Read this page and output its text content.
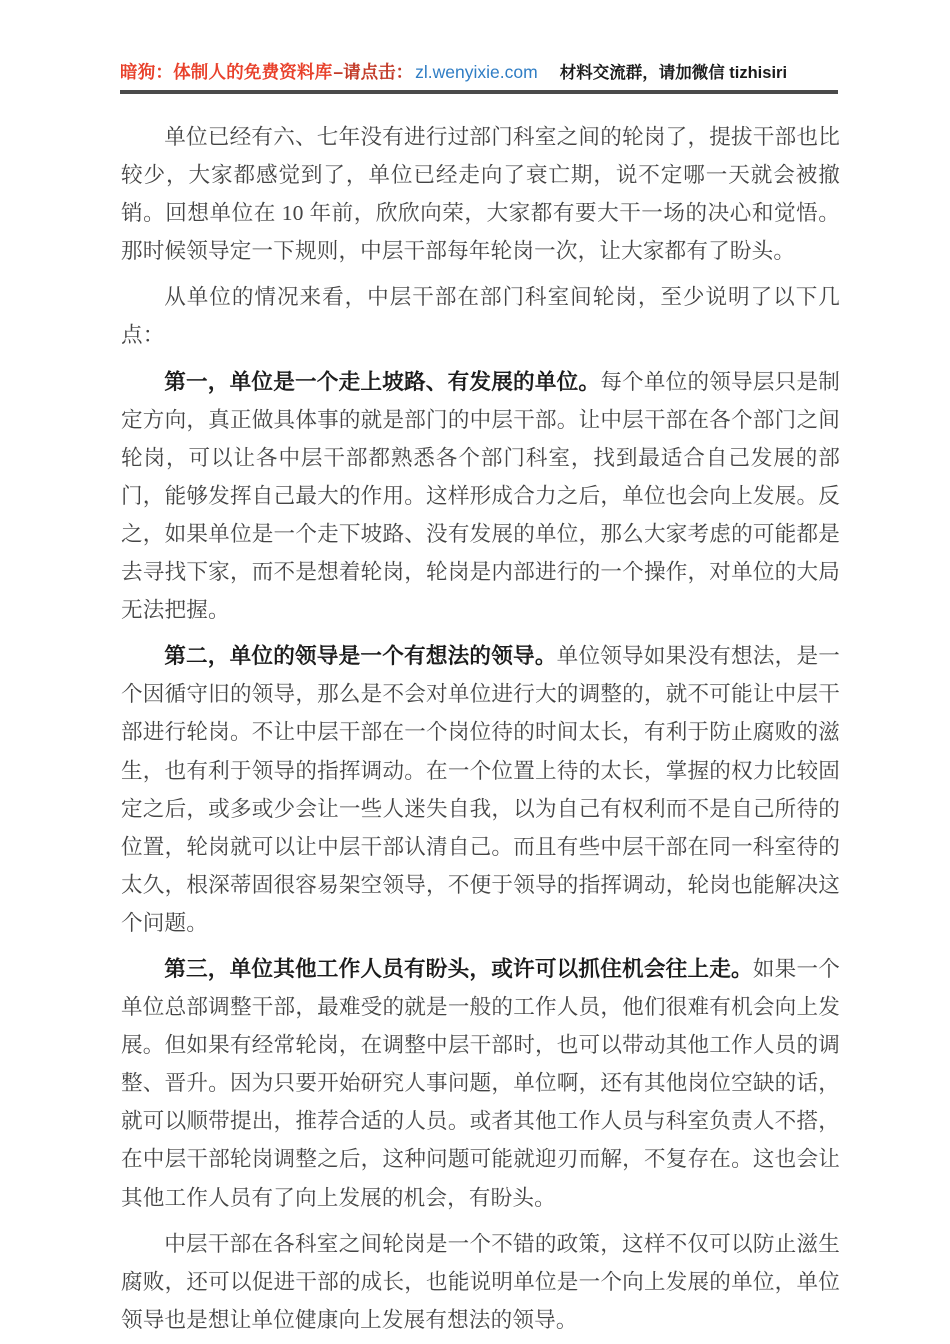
暗狗：体制人的免费资料库–请点击： zl.wenyixie.com 材料交流群，请加微信 tizhisiri

单位已经有六、七年没有进行过部门科室之间的轮岗了，提拔干部也比较少，大家都感觉到了，单位已经走向了衰亡期，说不定哪一天就会被撤销。回想单位在 10 年前，欣欣向荣，大家都有要大干一场的决心和觉悟。那时候领导定一下规则，中层干部每年轮岗一次，让大家都有了盼头。

从单位的情况来看，中层干部在部门科室间轮岗，至少说明了以下几点：

第一，单位是一个走上坡路、有发展的单位。每个单位的领导层只是制定方向，真正做具体事的就是部门的中层干部。让中层干部在各个部门之间轮岗，可以让各中层干部都熟悉各个部门科室，找到最适合自己发展的部门，能够发挥自己最大的作用。这样形成合力之后，单位也会向上发展。反之，如果单位是一个走下坡路、没有发展的单位，那么大家考虑的可能都是去寻找下家，而不是想着轮岗，轮岗是内部进行的一个操作，对单位的大局无法把握。

第二，单位的领导是一个有想法的领导。单位领导如果没有想法，是一个因循守旧的领导，那么是不会对单位进行大的调整的，就不可能让中层干部进行轮岗。不让中层干部在一个岗位待的时间太长，有利于防止腐败的滋生，也有利于领导的指挥调动。在一个位置上待的太长，掌握的权力比较固定之后，或多或少会让一些人迷失自我，以为自己有权利而不是自己所待的位置，轮岗就可以让中层干部认清自己。而且有些中层干部在同一科室待的太久，根深蒂固很容易架空领导，不便于领导的指挥调动，轮岗也能解决这个问题。

第三，单位其他工作人员有盼头，或许可以抓住机会往上走。如果一个单位总部调整干部，最难受的就是一般的工作人员，他们很难有机会向上发展。但如果有经常轮岗，在调整中层干部时，也可以带动其他工作人员的调整、晋升。因为只要开始研究人事问题，单位啊，还有其他岗位空缺的话，就可以顺带提出，推荐合适的人员。或者其他工作人员与科室负责人不搭，在中层干部轮岗调整之后，这种问题可能就迎刃而解，不复存在。这也会让其他工作人员有了向上发展的机会，有盼头。

中层干部在各科室之间轮岗是一个不错的政策，这样不仅可以防止滋生腐败，还可以促进干部的成长，也能说明单位是一个向上发展的单位，单位领导也是想让单位健康向上发展有想法的领导。
